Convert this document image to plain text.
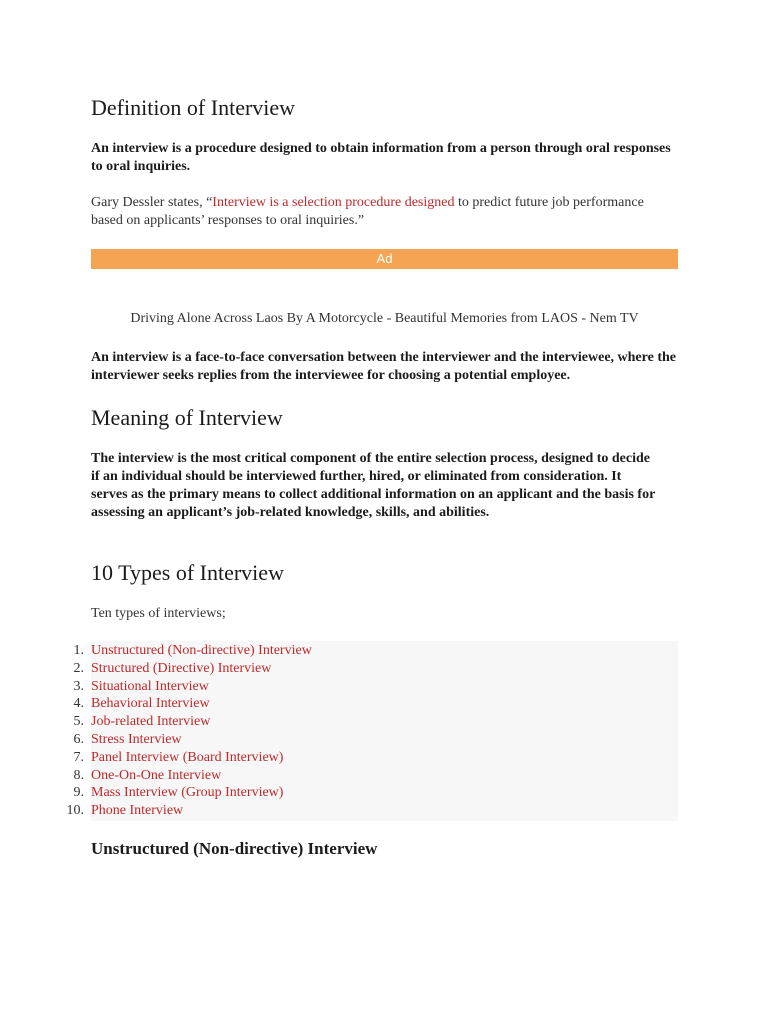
Definition of Interview

An interview is a procedure designed to obtain information from a person through oral responses to oral inquiries.

Gary Dessler states, “Interview is a selection procedure designed to predict future job performance based on applicants’ responses to oral inquiries.”

Ad
Driving Alone Across Laos By A Motorcycle - Beautiful Memories from LAOS - Nem TV

An interview is a face-to-face conversation between the interviewer and the interviewee, where the interviewer seeks replies from the interviewee for choosing a potential employee.

Meaning of Interview

The interview is the most critical component of the entire selection process, designed to decide if an individual should be interviewed further, hired, or eliminated from consideration. It serves as the primary means to collect additional information on an applicant and the basis for assessing an applicant’s job-related knowledge, skills, and abilities.

10 Types of Interview

Ten types of interviews;

1. Unstructured (Non-directive) Interview
2. Structured (Directive) Interview
3. Situational Interview
4. Behavioral Interview
5. Job-related Interview
6. Stress Interview
7. Panel Interview (Board Interview)
8. One-On-One Interview
9. Mass Interview (Group Interview)
10. Phone Interview
Unstructured (Non-directive) Interview
